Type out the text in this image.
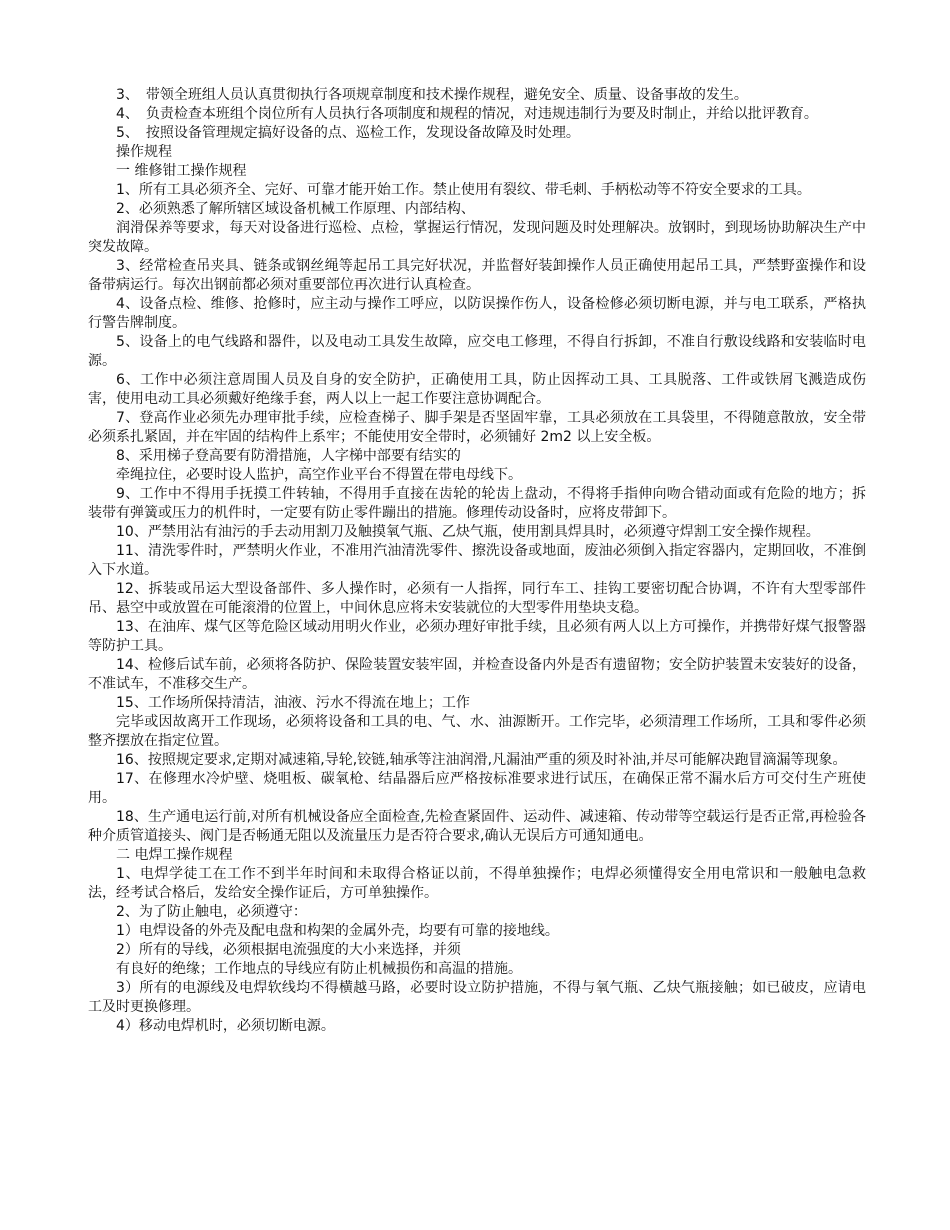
3、　带领全班组人员认真贯彻执行各项规章制度和技术操作规程，避免安全、质量、设备事故的发生。

4、　负责检查本班组个岗位所有人员执行各项制度和规程的情况，对违规违制行为要及时制止，并给以批评教育。

5、　按照设备管理规定搞好设备的点、巡检工作，发现设备故障及时处理。

操作规程

一 维修钳工操作规程

1、所有工具必须齐全、完好、可靠才能开始工作。禁止使用有裂纹、带毛刺、手柄松动等不符安全要求的工具。

2、必须熟悉了解所辖区域设备机械工作原理、内部结构、

润滑保养等要求，每天对设备进行巡检、点检，掌握运行情况，发现问题及时处理解决。放钢时，到现场协助解决生产中突发故障。

3、经常检查吊夹具、链条或钢丝绳等起吊工具完好状况，并监督好装卸操作人员正确使用起吊工具，严禁野蛮操作和设备带病运行。每次出钢前都必须对重要部位再次进行认真检查。

4、设备点检、维修、抢修时，应主动与操作工呼应，以防误操作伤人，设备检修必须切断电源，并与电工联系，严格执行警告牌制度。

5、设备上的电气线路和器件，以及电动工具发生故障，应交电工修理，不得自行拆卸，不准自行敷设线路和安装临时电源。

6、工作中必须注意周围人员及自身的安全防护，正确使用工具，防止因挥动工具、工具脱落、工件或铁屑飞溅造成伤害，使用电动工具必须戴好绝缘手套，两人以上一起工作要注意协调配合。

7、登高作业必须先办理审批手续，应检查梯子、脚手架是否坚固牢靠，工具必须放在工具袋里，不得随意散放，安全带必须系扎紧固，并在牢固的结构件上系牢；不能使用安全带时，必须铺好 2m2 以上安全板。

8、采用梯子登高要有防滑措施，人字梯中部要有结实的

牵绳拉住，必要时设人监护，高空作业平台不得置在带电母线下。

9、工作中不得用手抚摸工件转轴，不得用手直接在齿轮的轮齿上盘动，不得将手指伸向吻合错动面或有危险的地方；拆装带有弹簧或压力的机件时，一定要有防止零件蹦出的措施。修理传动设备时，应将皮带卸下。

10、严禁用沾有油污的手去动用割刀及触摸氧气瓶、乙炔气瓶，使用割具焊具时，必须遵守焊割工安全操作规程。

11、清洗零件时，严禁明火作业，不准用汽油清洗零件、擦洗设备或地面，废油必须倒入指定容器内，定期回收，不准倒入下水道。

12、拆装或吊运大型设备部件、多人操作时，必须有一人指挥，同行车工、挂钩工要密切配合协调，不许有大型零部件吊、悬空中或放置在可能滚滑的位置上，中间休息应将未安装就位的大型零件用垫块支稳。

13、在油库、煤气区等危险区域动用明火作业，必须办理好审批手续，且必须有两人以上方可操作，并携带好煤气报警器等防护工具。

14、检修后试车前，必须将各防护、保险装置安装牢固，并检查设备内外是否有遗留物；安全防护装置未安装好的设备，不准试车，不准移交生产。

15、工作场所保持清洁，油液、污水不得流在地上；工作

完毕或因故离开工作现场，必须将设备和工具的电、气、水、油源断开。工作完毕，必须清理工作场所，工具和零件必须整齐摆放在指定位置。

16、按照规定要求,定期对减速箱,导轮,铰链,轴承等注油润滑,凡漏油严重的须及时补油,并尽可能解决跑冒滴漏等现象。

17、在修理水冷炉壁、烧咀板、碳氧枪、结晶器后应严格按标准要求进行试压，在确保正常不漏水后方可交付生产班使用。

18、生产通电运行前,对所有机械设备应全面检查,先检查紧固件、运动件、减速箱、传动带等空载运行是否正常,再检验各种介质管道接头、阀门是否畅通无阻以及流量压力是否符合要求,确认无误后方可通知通电。

二 电焊工操作规程

1、电焊学徒工在工作不到半年时间和未取得合格证以前，不得单独操作；电焊必须懂得安全用电常识和一般触电急救法，经考试合格后，发给安全操作证后，方可单独操作。

2、为了防止触电，必须遵守：

1）电焊设备的外壳及配电盘和构架的金属外壳，均要有可靠的接地线。

2）所有的导线，必须根据电流强度的大小来选择，并须

有良好的绝缘；工作地点的导线应有防止机械损伤和高温的措施。

3）所有的电源线及电焊软线均不得横越马路，必要时设立防护措施，不得与氧气瓶、乙炔气瓶接触；如已破皮，应请电工及时更换修理。

4）移动电焊机时，必须切断电源。
